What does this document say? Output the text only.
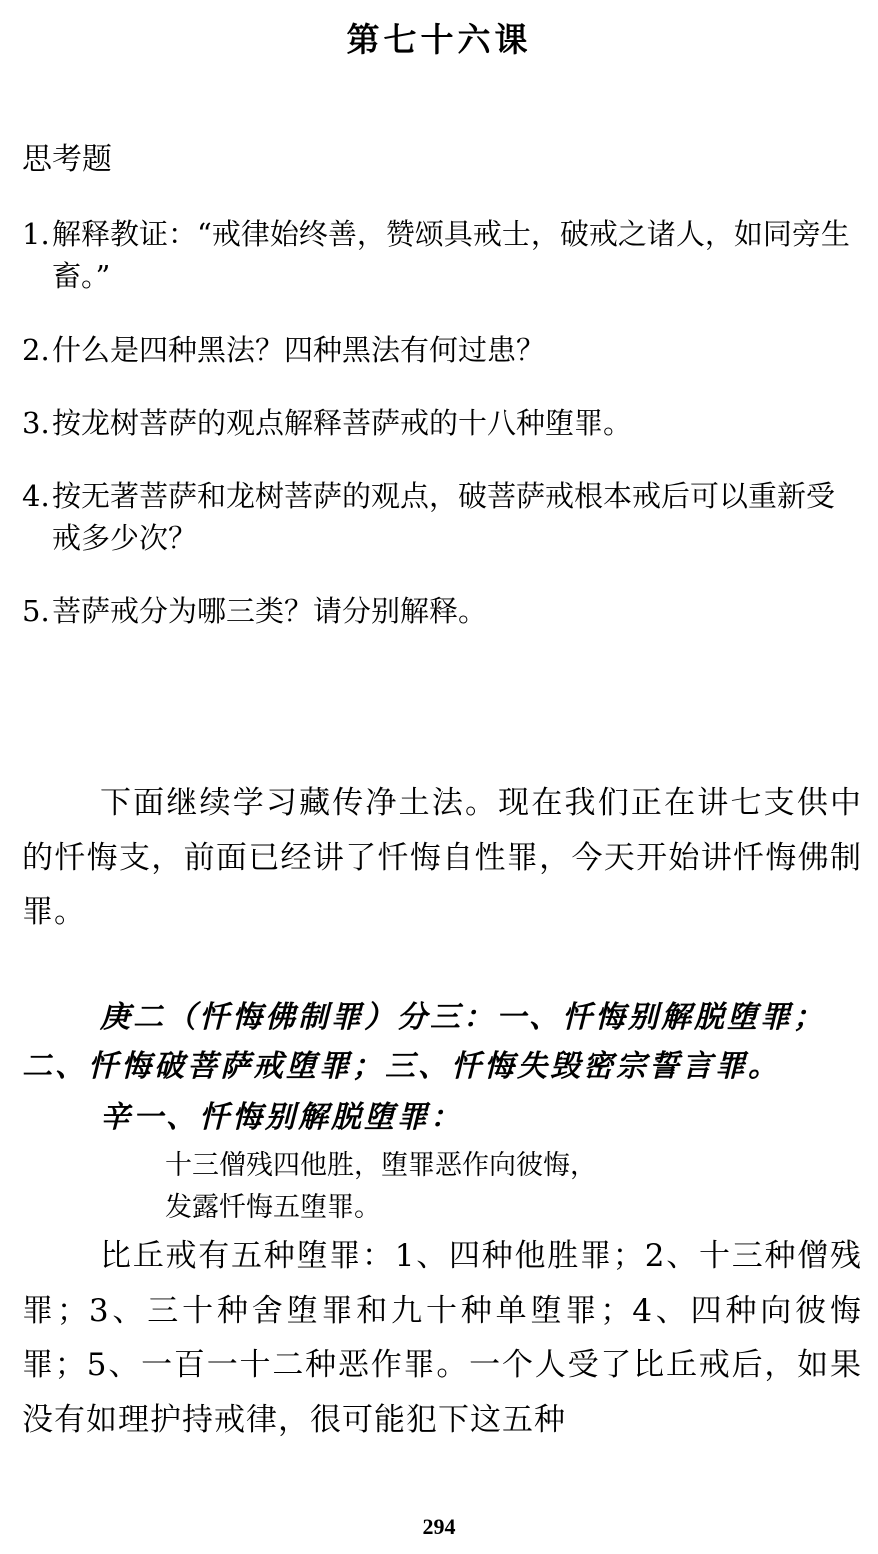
第七十六课
思考题
1. 解释教证：“戒律始终善，赞颂具戒士，破戒之诸人，如同旁生畜。”
2. 什么是四种黑法？四种黑法有何过患？
3. 按龙树菩萨的观点解释菩萨戒的十八种堕罪。
4. 按无著菩萨和龙树菩萨的观点，破菩萨戒根本戒后可以重新受戒多少次？
5. 菩萨戒分为哪三类？请分别解释。
下面继续学习藏传净土法。现在我们正在讲七支供中的忏悔支，前面已经讲了忏悔自性罪，今天开始讲忏悔佛制罪。
庚二（忏悔佛制罪）分三：一、忏悔别解脱堕罪；二、忏悔破菩萨戒堕罪；三、忏悔失毁密宗誓言罪。
辛一、忏悔别解脱堕罪：
十三僧残四他胜，堕罪恶作向彼悔，
发露忏悔五堕罪。
比丘戒有五种堕罪：1、四种他胜罪；2、十三种僧残罪；3、三十种舍堕罪和九十种单堕罪；4、四种向彼悔罪；5、一百一十二种恶作罪。一个人受了比丘戒后，如果没有如理护持戒律，很可能犯下这五种
294
